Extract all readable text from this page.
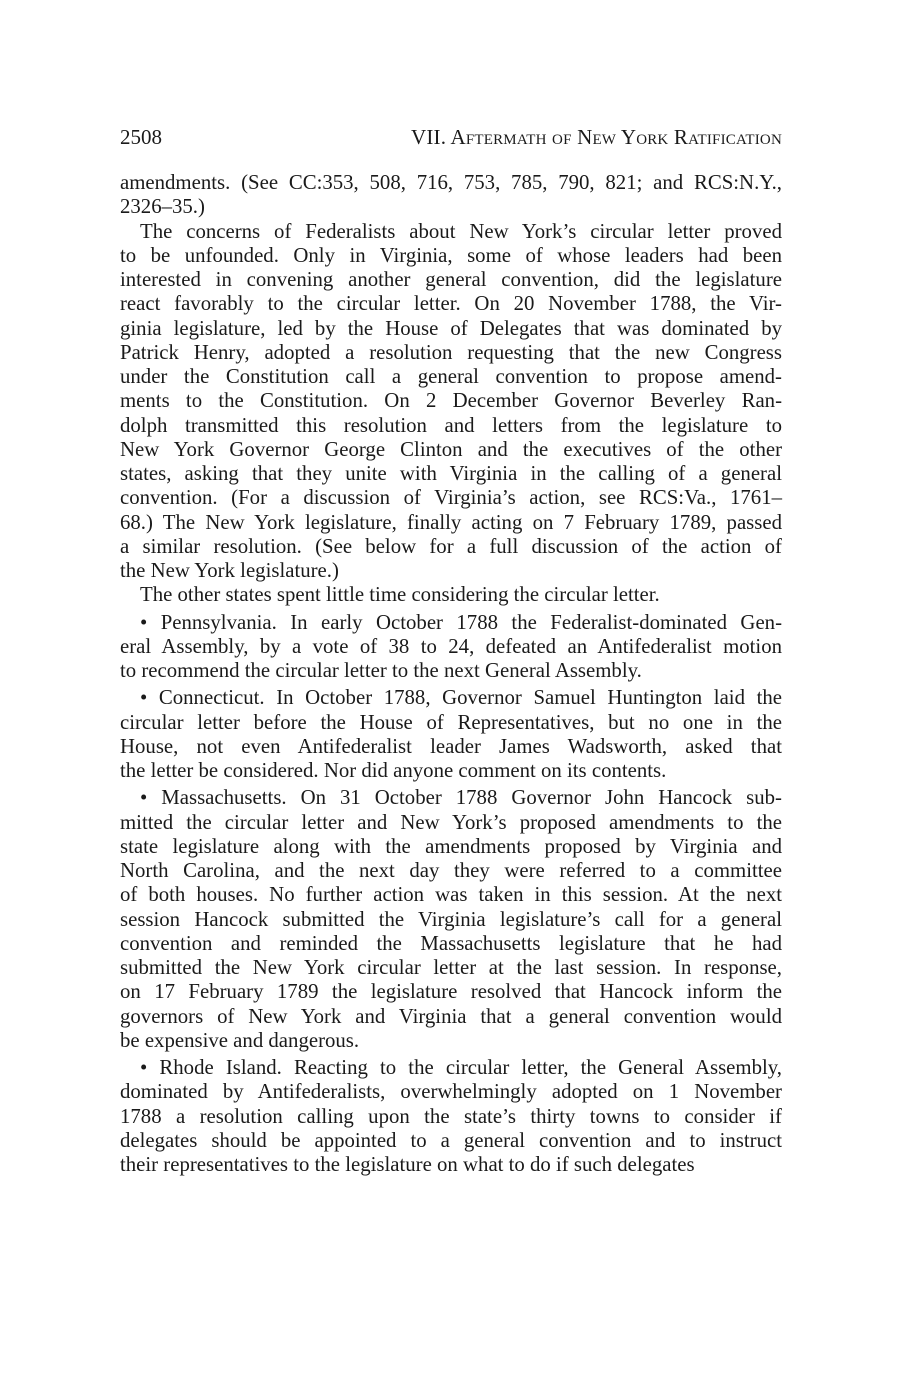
2508	VII. Aftermath of New York Ratification

amendments. (See CC:353, 508, 716, 753, 785, 790, 821; and RCS:N.Y.,
2326–35.)

The concerns of Federalists about New York’s circular letter proved
to be unfounded. Only in Virginia, some of whose leaders had been
interested in convening another general convention, did the legislature
react favorably to the circular letter. On 20 November 1788, the Vir-
ginia legislature, led by the House of Delegates that was dominated by
Patrick Henry, adopted a resolution requesting that the new Congress
under the Constitution call a general convention to propose amend-
ments to the Constitution. On 2 December Governor Beverley Ran-
dolph transmitted this resolution and letters from the legislature to
New York Governor George Clinton and the executives of the other
states, asking that they unite with Virginia in the calling of a general
convention. (For a discussion of Virginia’s action, see RCS:Va., 1761–
68.) The New York legislature, finally acting on 7 February 1789, passed
a similar resolution. (See below for a full discussion of the action of
the New York legislature.)

The other states spent little time considering the circular letter.

• Pennsylvania. In early October 1788 the Federalist-dominated Gen-
eral Assembly, by a vote of 38 to 24, defeated an Antifederalist motion
to recommend the circular letter to the next General Assembly.

• Connecticut. In October 1788, Governor Samuel Huntington laid the
circular letter before the House of Representatives, but no one in the
House, not even Antifederalist leader James Wadsworth, asked that
the letter be considered. Nor did anyone comment on its contents.

• Massachusetts. On 31 October 1788 Governor John Hancock sub-
mitted the circular letter and New York’s proposed amendments to the
state legislature along with the amendments proposed by Virginia and
North Carolina, and the next day they were referred to a committee
of both houses. No further action was taken in this session. At the next
session Hancock submitted the Virginia legislature’s call for a general
convention and reminded the Massachusetts legislature that he had
submitted the New York circular letter at the last session. In response,
on 17 February 1789 the legislature resolved that Hancock inform the
governors of New York and Virginia that a general convention would
be expensive and dangerous.

• Rhode Island. Reacting to the circular letter, the General Assembly,
dominated by Antifederalists, overwhelmingly adopted on 1 November
1788 a resolution calling upon the state’s thirty towns to consider if
delegates should be appointed to a general convention and to instruct
their representatives to the legislature on what to do if such delegates
